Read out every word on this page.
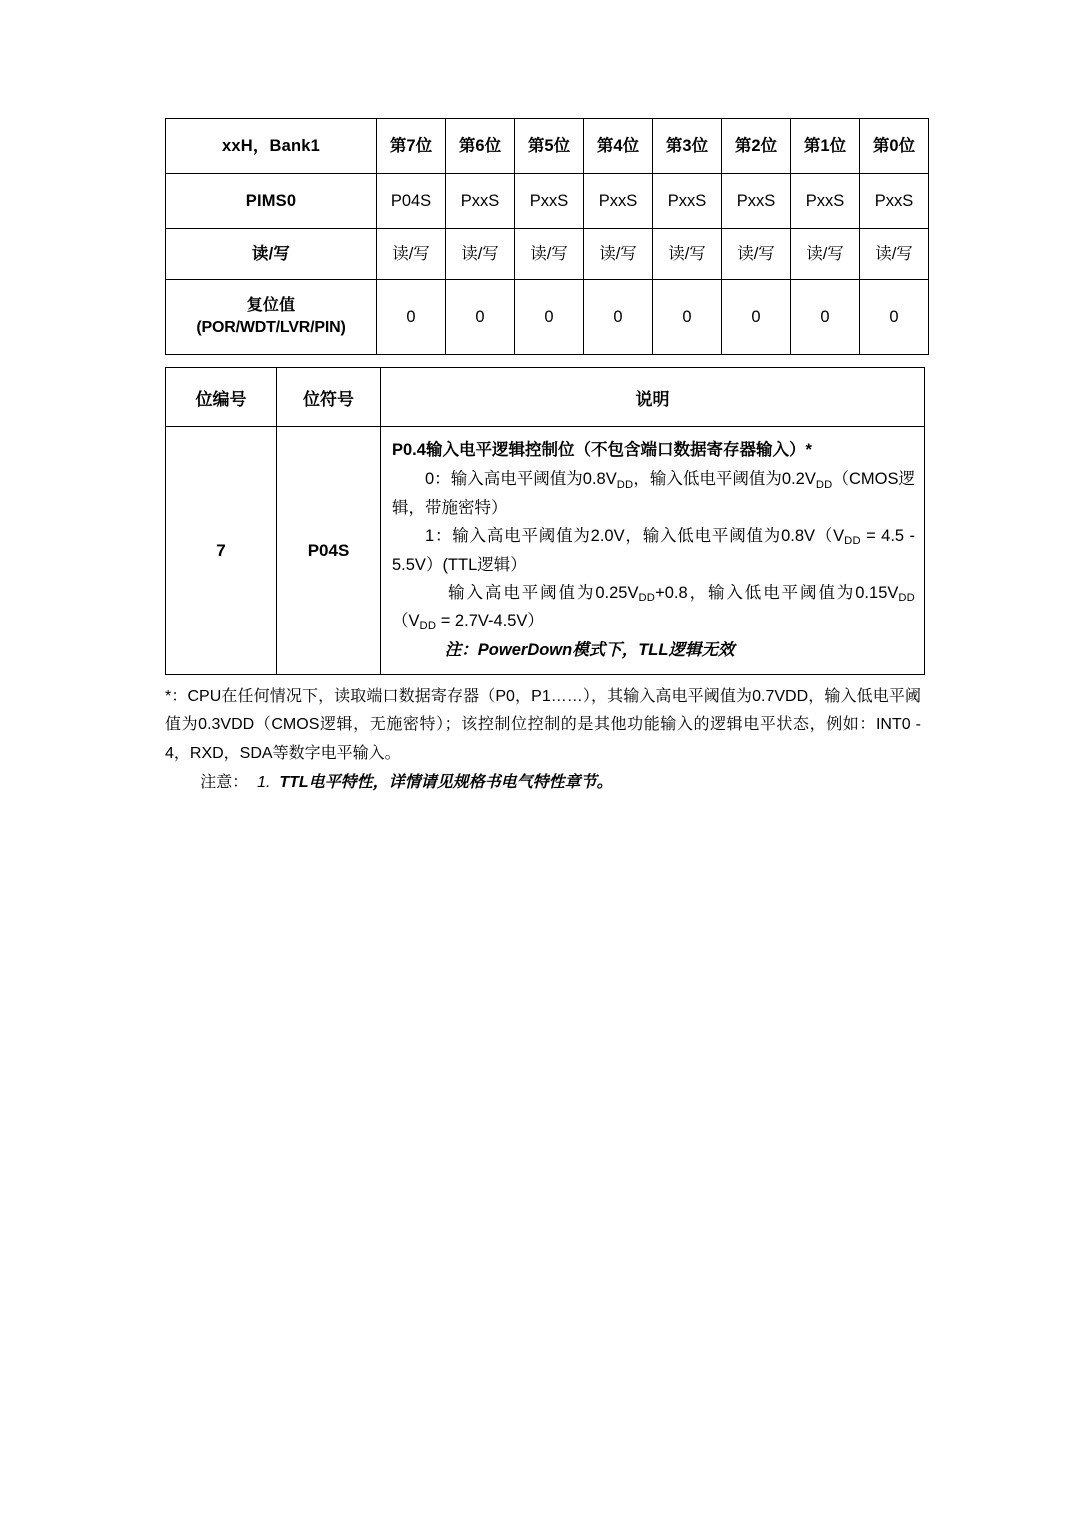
xxH，Bank1	第7位	第6位	第5位	第4位	第3位	第2位	第1位	第0位
PIMS0	P04S	PxxS	PxxS	PxxS	PxxS	PxxS	PxxS	PxxS
读/写	读/写	读/写	读/写	读/写	读/写	读/写	读/写	读/写

复位值
(POR/WDT/LVR/PIN)	0	0	0	0	0	0	0	0
位编号	位符号	说明
7	P04S	P0.4输入电平逻辑控制位（不包含端口数据寄存器输入）*
0：输入高电平阈值为$0.8V_{DD}$，输入低电平阈值为$0.2V_{DD}(CMOS$逻辑，带施密特）
1：输入高电平阈值为2.0V，输入低电平阈值为$0.8V(V_{DD} = 4.5 - 5.5V)(TTL$逻辑）
输入高电平阈值为$0.25V_{DD}+0.8$，输入低电平阈值为$0.15V_{DD}(V_{DD} = 2.7V-4.5V)$
注：PowerDown模式下，TLL逻辑无效

*：CPU在任何情况下，读取端口数据寄存器（P0，P1……），其输入高电平阈值为0.7VDD，输入低电平阈值为0.3VDD（CMOS逻辑，无施密特）；该控制位控制的是其他功能输入的逻辑电平状态，例如：INT0 - 4，RXD，SDA等数字电平输入。

注意： 1. TTL电平特性，详情请见规格书电气特性章节。
